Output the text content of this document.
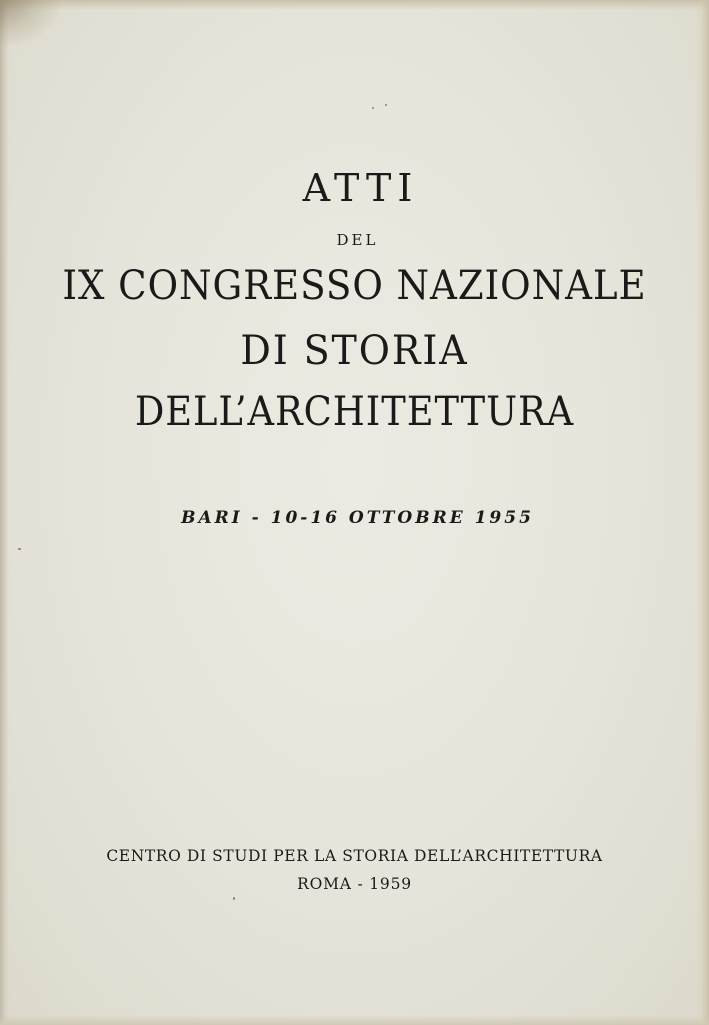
ATTI
DEL
IX CONGRESSO NAZIONALE
DI STORIA
DELL’ARCHITETTURA
BARI - 10-16 OTTOBRE 1955
CENTRO DI STUDI PER LA STORIA DELL’ARCHITETTURA
ROMA - 1959
